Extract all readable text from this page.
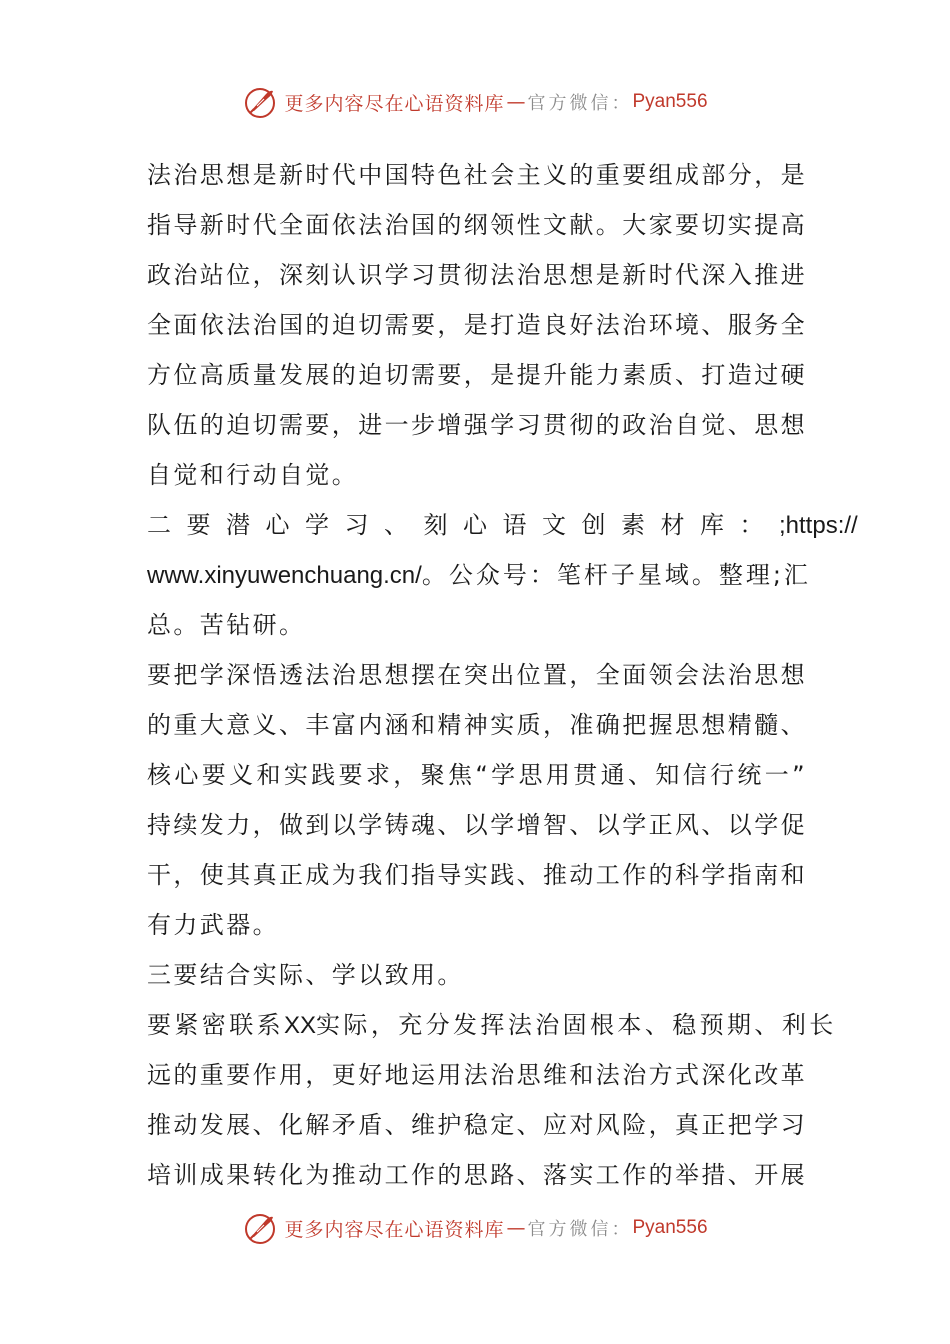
更多内容尽在心语资料库 — 官方微信： Pyan556
法治思想是新时代中国特色社会主义的重要组成部分，是
指导新时代全面依法治国的纲领性文献。大家要切实提高
政治站位，深刻认识学习贯彻法治思想是新时代深入推进
全面依法治国的迫切需要，是打造良好法治环境、服务全
方位高质量发展的迫切需要，是提升能力素质、打造过硬
队伍的迫切需要，进一步增强学习贯彻的政治自觉、思想
自觉和行动自觉。
二要潜心学习、刻心语文创素材库：;https://
www.xinyuwenchuang.cn/。公众号：笔杆子星域。整理;汇
总。苦钻研。
要把学深悟透法治思想摆在突出位置，全面领会法治思想
的重大意义、丰富内涵和精神实质，准确把握思想精髓、
核心要义和实践要求，聚焦“学思用贯通、知信行统一”
持续发力，做到以学铸魂、以学增智、以学正风、以学促
干，使其真正成为我们指导实践、推动工作的科学指南和
有力武器。
三要结合实际、学以致用。
要紧密联系XX实际，充分发挥法治固根本、稳预期、利长
远的重要作用，更好地运用法治思维和法治方式深化改革
推动发展、化解矛盾、维护稳定、应对风险，真正把学习
培训成果转化为推动工作的思路、落实工作的举措、开展
更多内容尽在心语资料库 — 官方微信： Pyan556
